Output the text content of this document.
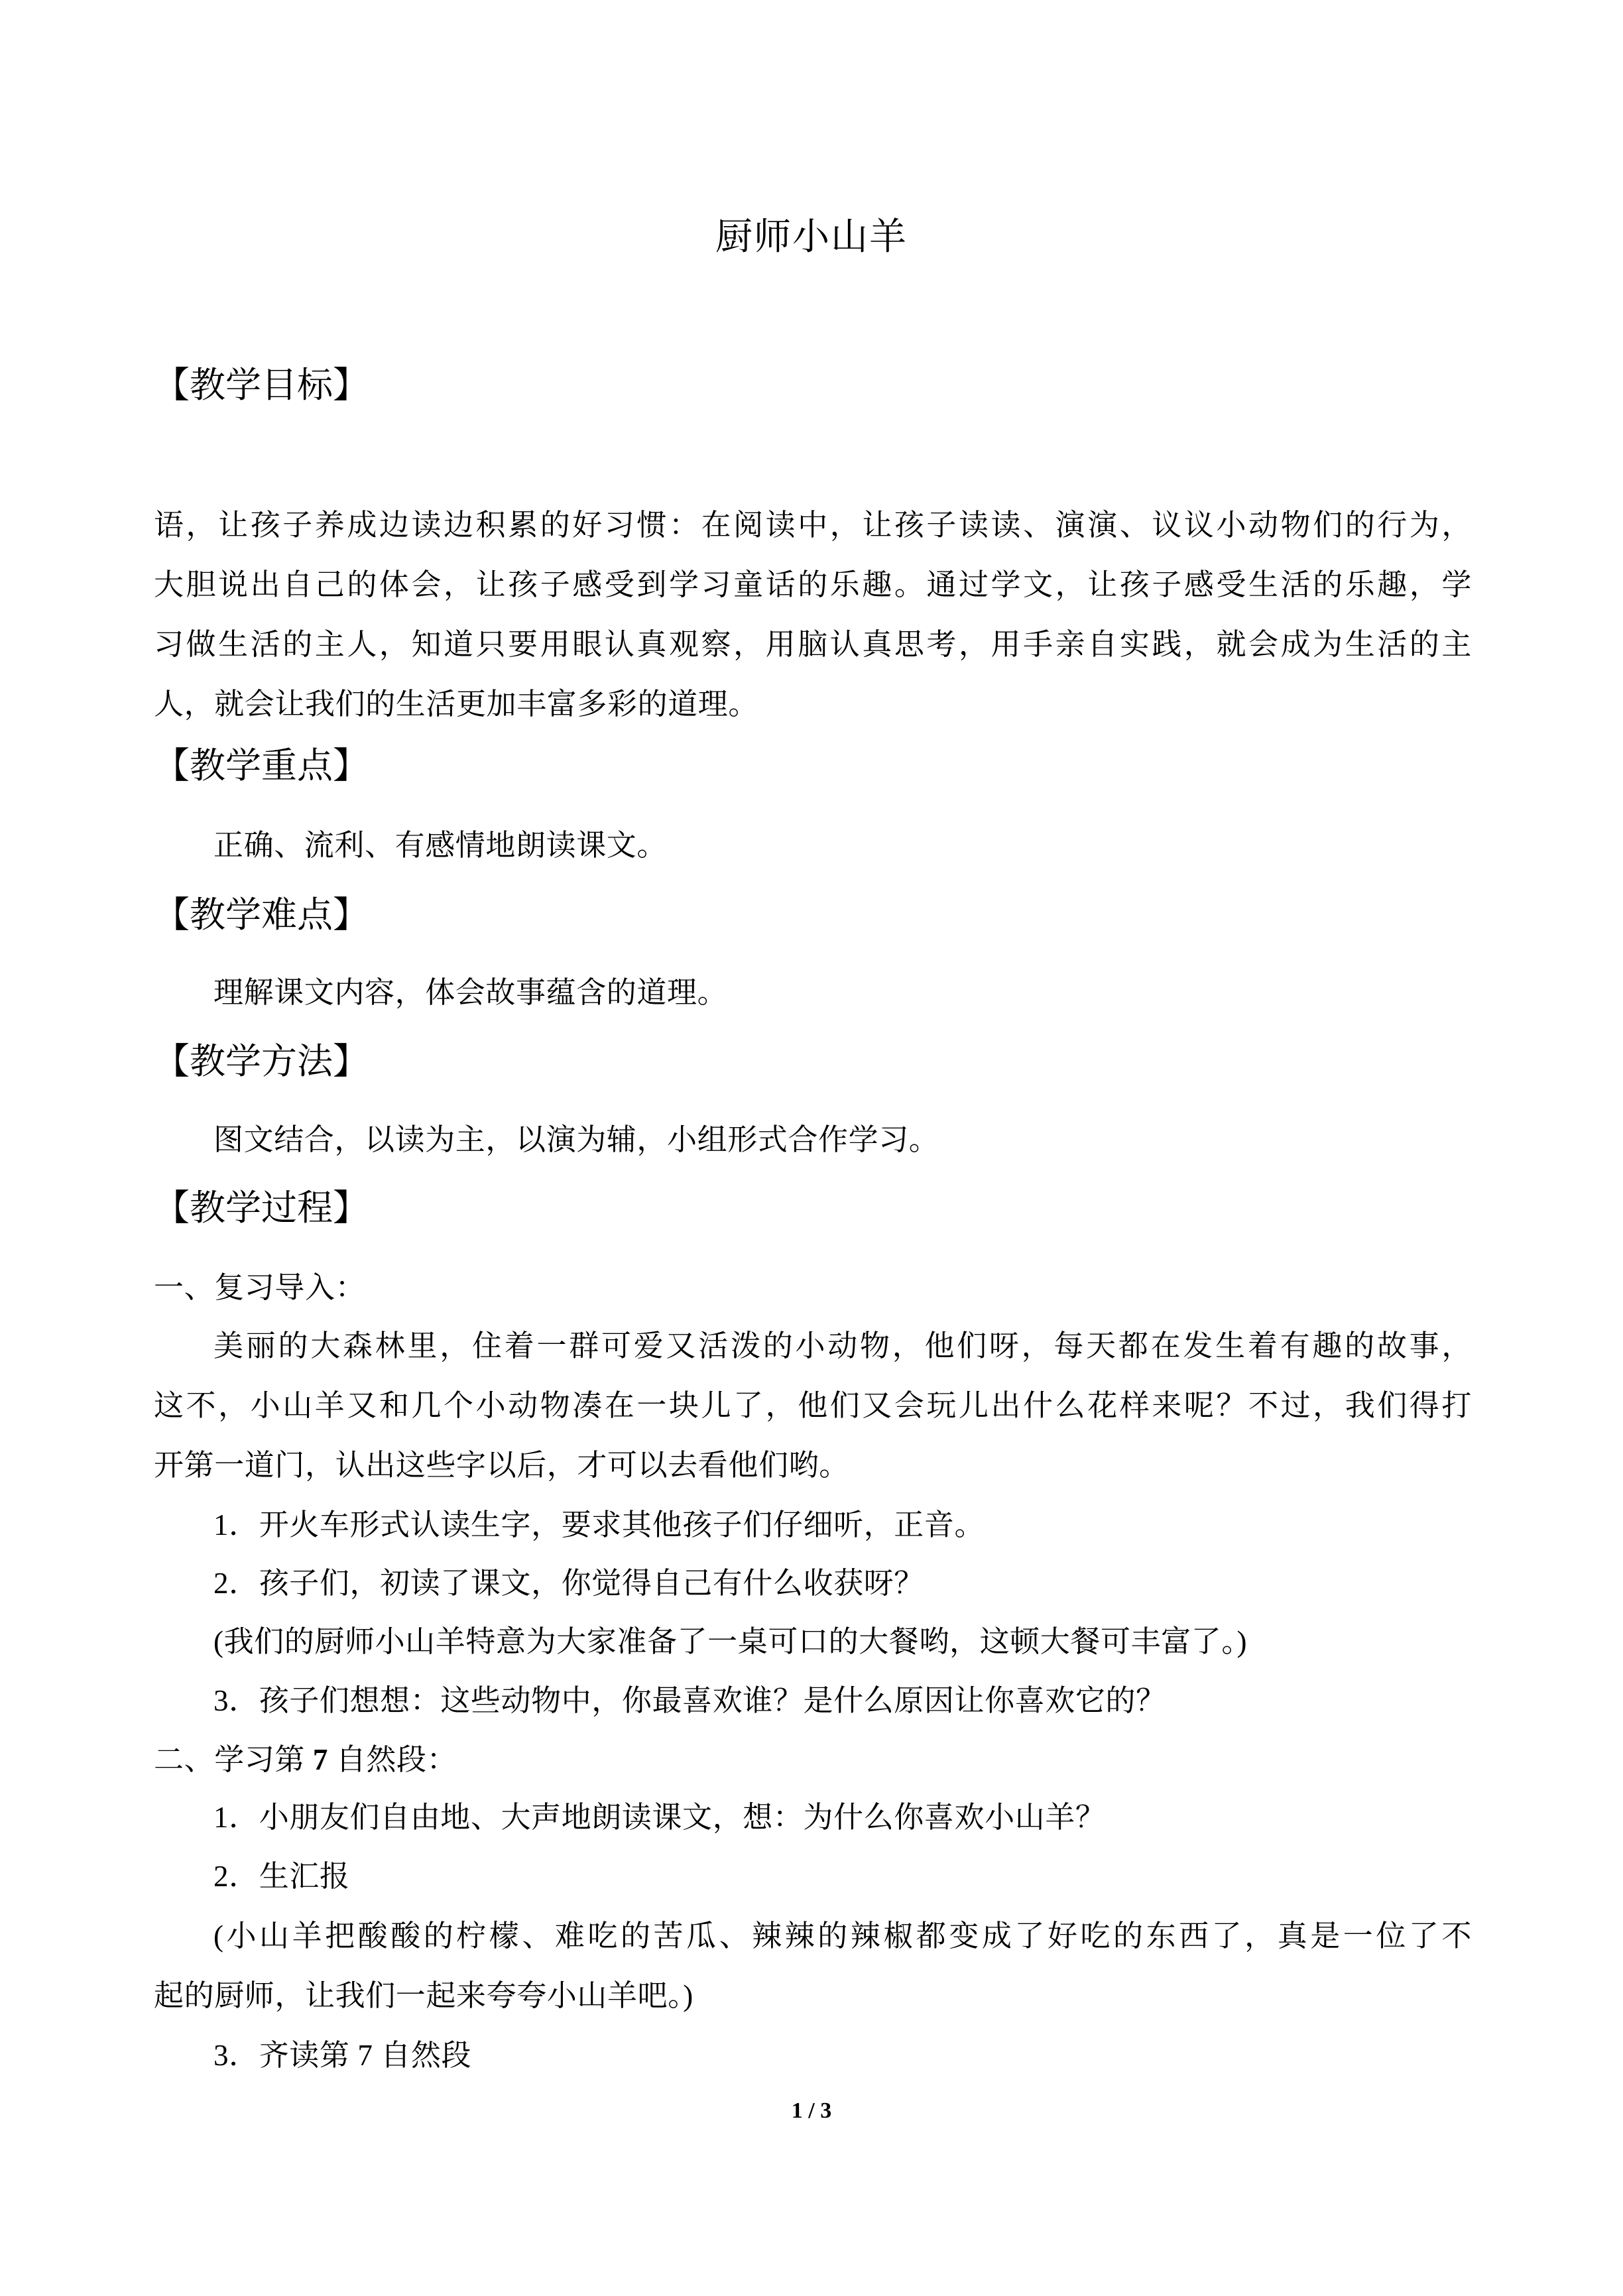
厨师小山羊
【教学目标】
语，让孩子养成边读边积累的好习惯：在阅读中，让孩子读读、演演、议议小动物们的行为，
大胆说出自己的体会，让孩子感受到学习童话的乐趣。通过学文，让孩子感受生活的乐趣，学
习做生活的主人，知道只要用眼认真观察，用脑认真思考，用手亲自实践，就会成为生活的主
人，就会让我们的生活更加丰富多彩的道理。
【教学重点】
正确、流利、有感情地朗读课文。
【教学难点】
理解课文内容，体会故事蕴含的道理。
【教学方法】
图文结合，以读为主，以演为辅，小组形式合作学习。
【教学过程】
一、复习导入：
美丽的大森林里，住着一群可爱又活泼的小动物，他们呀，每天都在发生着有趣的故事，
这不，小山羊又和几个小动物凑在一块儿了，他们又会玩儿出什么花样来呢？不过，我们得打
开第一道门，认出这些字以后，才可以去看他们哟。
1．开火车形式认读生字，要求其他孩子们仔细听，正音。
2．孩子们，初读了课文，你觉得自己有什么收获呀？
(我们的厨师小山羊特意为大家准备了一桌可口的大餐哟，这顿大餐可丰富了。)
3．孩子们想想：这些动物中，你最喜欢谁？是什么原因让你喜欢它的？
二、学习第 7 自然段：
1．小朋友们自由地、大声地朗读课文，想：为什么你喜欢小山羊？
2．生汇报
(小山羊把酸酸的柠檬、难吃的苦瓜、辣辣的辣椒都变成了好吃的东西了，真是一位了不
起的厨师，让我们一起来夸夸小山羊吧。)
3．齐读第 7 自然段
1 / 3
